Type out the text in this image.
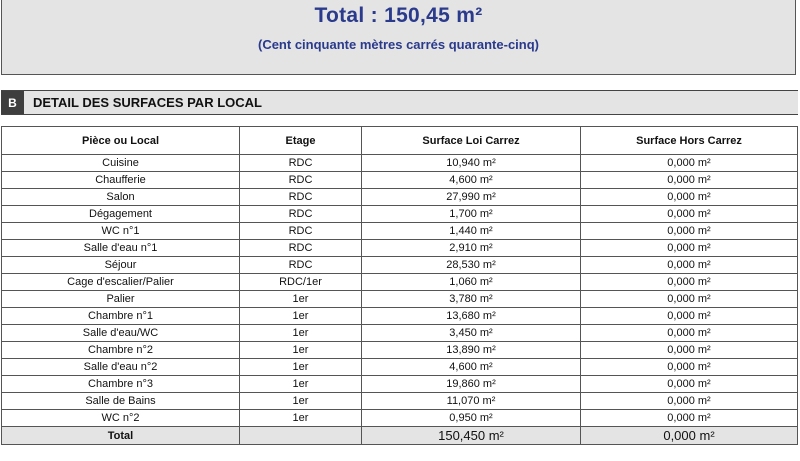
Total : 150,45 m²
(Cent cinquante mètres carrés quarante-cinq)
B	DETAIL DES SURFACES PAR LOCAL
Pièce ou Local	Etage	Surface Loi Carrez	Surface Hors Carrez
Cuisine	RDC	10,940 m²	0,000 m²
Chaufferie	RDC	4,600 m²	0,000 m²
Salon	RDC	27,990 m²	0,000 m²
Dégagement	RDC	1,700 m²	0,000 m²
WC n°1	RDC	1,440 m²	0,000 m²
Salle d'eau n°1	RDC	2,910 m²	0,000 m²
Séjour	RDC	28,530 m²	0,000 m²
Cage d'escalier/Palier	RDC/1er	1,060 m²	0,000 m²
Palier	1er	3,780 m²	0,000 m²
Chambre n°1	1er	13,680 m²	0,000 m²
Salle d'eau/WC	1er	3,450 m²	0,000 m²
Chambre n°2	1er	13,890 m²	0,000 m²
Salle d'eau n°2	1er	4,600 m²	0,000 m²
Chambre n°3	1er	19,860 m²	0,000 m²
Salle de Bains	1er	11,070 m²	0,000 m²
WC n°2	1er	0,950 m²	0,000 m²
Total		150,450 m²	0,000 m²
